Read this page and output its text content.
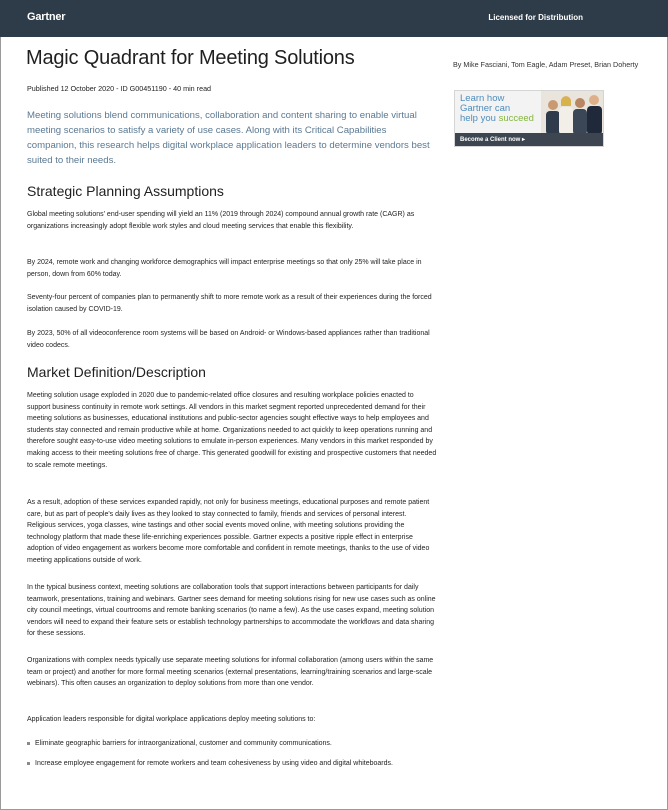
Gartner	Licensed for Distribution
Magic Quadrant for Meeting Solutions	By Mike Fasciani, Tom Eagle, Adam Preset, Brian Doherty
Published 12 October 2020 - ID G00451190 - 40 min read

Meeting solutions blend communications, collaboration and content sharing to enable virtual meeting scenarios to satisfy a variety of use cases. Along with its Critical Capabilities companion, this research helps digital workplace application leaders to determine vendors best suited to their needs.

Learn how
Gartner can
help you succeed
Become a Client now ▸
Strategic Planning Assumptions

Global meeting solutions' end-user spending will yield an 11% (2019 through 2024) compound annual growth rate (CAGR) as organizations increasingly adopt flexible work styles and cloud meeting services that enable this flexibility.

By 2024, remote work and changing workforce demographics will impact enterprise meetings so that only 25% will take place in person, down from 60% today.

Seventy-four percent of companies plan to permanently shift to more remote work as a result of their experiences during the forced isolation caused by COVID-19.

By 2023, 50% of all videoconference room systems will be based on Android- or Windows-based appliances rather than traditional video codecs.

Market Definition/Description

Meeting solution usage exploded in 2020 due to pandemic-related office closures and resulting workplace policies enacted to support business continuity in remote work settings. All vendors in this market segment reported unprecedented demand for their meeting solutions as businesses, educational institutions and public-sector agencies sought effective ways to help employees and students stay connected and remain productive while at home. Organizations needed to act quickly to keep operations running and therefore sought easy-to-use video meeting solutions to emulate in-person experiences. Many vendors in this market responded by making access to their meeting solutions free of charge. This generated goodwill for existing and prospective customers that needed to scale remote meetings.

As a result, adoption of these services expanded rapidly, not only for business meetings, educational purposes and remote patient care, but as part of people's daily lives as they looked to stay connected to family, friends and services of personal interest. Religious services, yoga classes, wine tastings and other social events moved online, with meeting solutions providing the technology platform that made these life-enriching experiences possible. Gartner expects a positive ripple effect in enterprise adoption of video engagement as workers become more comfortable and confident in remote meetings, thanks to the use of video meeting applications outside of work.

In the typical business context, meeting solutions are collaboration tools that support interactions between participants for daily teamwork, presentations, training and webinars. Gartner sees demand for meeting solutions rising for new use cases such as online city council meetings, virtual courtrooms and remote banking scenarios (to name a few). As the use cases expand, meeting solution vendors will need to expand their feature sets or establish technology partnerships to accommodate the workflows and data sharing for these sessions.

Organizations with complex needs typically use separate meeting solutions for informal collaboration (among users within the same team or project) and another for more formal meeting scenarios (external presentations, learning/training scenarios and large-scale webinars). This often causes an organization to deploy solutions from more than one vendor.

Application leaders responsible for digital workplace applications deploy meeting solutions to:

Eliminate geographic barriers for intraorganizational, customer and community communications.
Increase employee engagement for remote workers and team cohesiveness by using video and digital whiteboards.
